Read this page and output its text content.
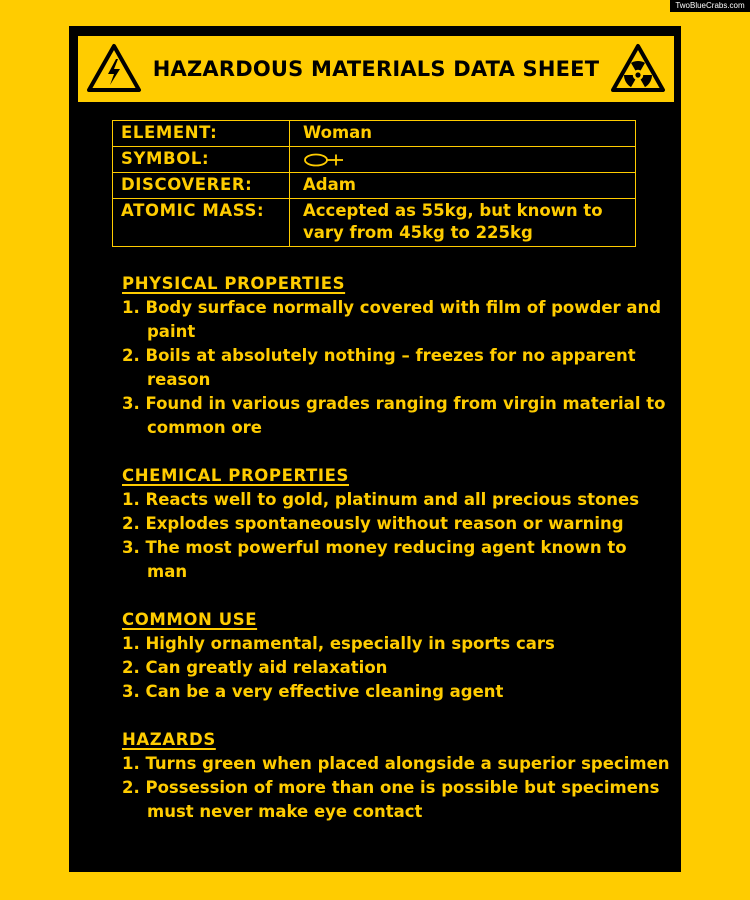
TwoBlueCrabs.com
HAZARDOUS MATERIALS DATA SHEET
ELEMENT:	Woman
SYMBOL:	
DISCOVERER:	Adam
ATOMIC MASS:	Accepted as 55kg, but known to vary from 45kg to 225kg
PHYSICAL PROPERTIES
1. Body surface normally covered with film of powder and paint
2. Boils at absolutely nothing – freezes for no apparent reason
3. Found in various grades ranging from virgin material to common ore
CHEMICAL PROPERTIES
1. Reacts well to gold, platinum and all precious stones
2. Explodes spontaneously without reason or warning
3. The most powerful money reducing agent known to man
COMMON USE
1. Highly ornamental, especially in sports cars
2. Can greatly aid relaxation
3. Can be a very effective cleaning agent
HAZARDS
1. Turns green when placed alongside a superior specimen
2. Possession of more than one is possible but specimens must never make eye contact
